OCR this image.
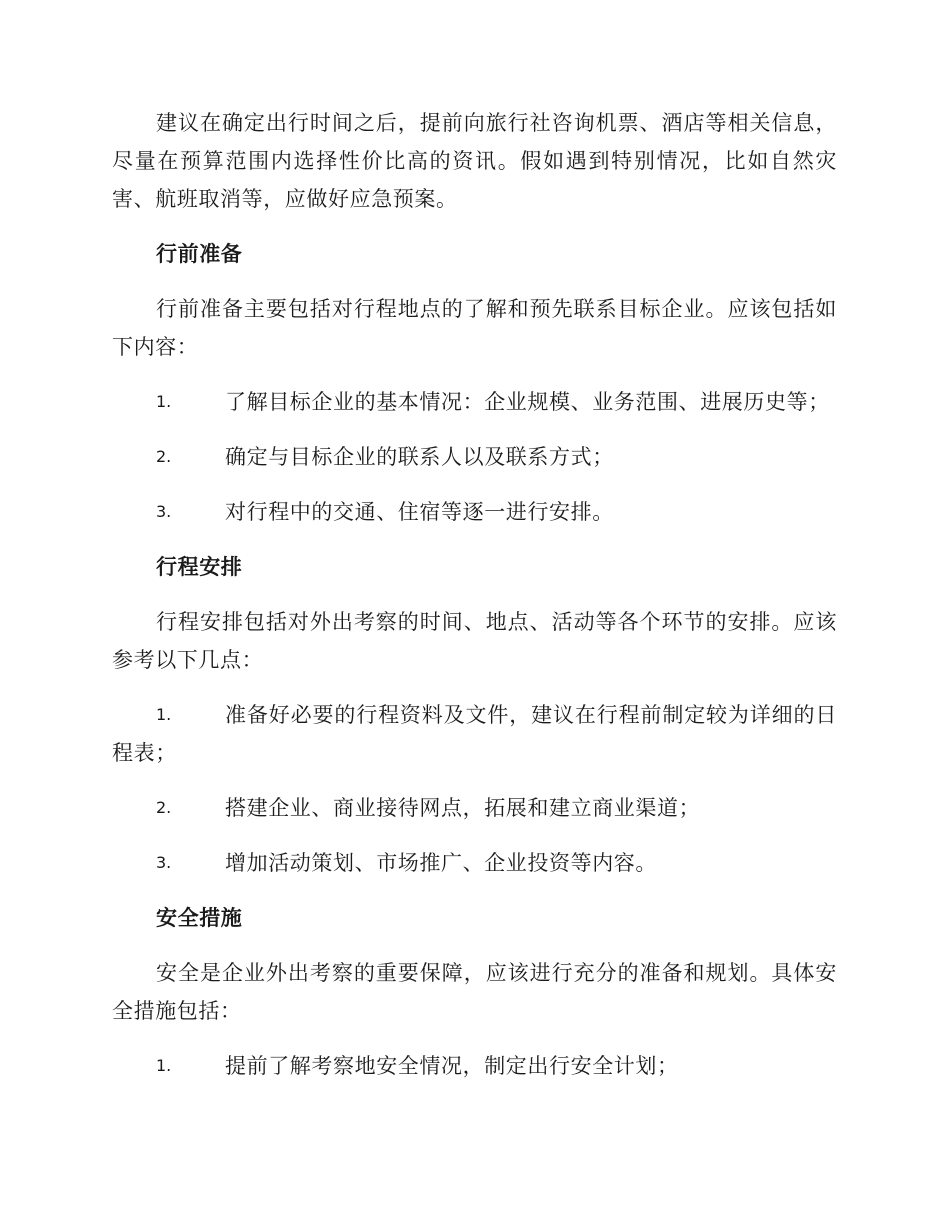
建议在确定出行时间之后，提前向旅行社咨询机票、酒店等相关信息，尽量在预算范围内选择性价比高的资讯。假如遇到特别情况，比如自然灾害、航班取消等，应做好应急预案。

行前准备

行前准备主要包括对行程地点的了解和预先联系目标企业。应该包括如下内容：

1.	了解目标企业的基本情况：企业规模、业务范围、进展历史等；

2.	确定与目标企业的联系人以及联系方式；

3.	对行程中的交通、住宿等逐一进行安排。

行程安排

行程安排包括对外出考察的时间、地点、活动等各个环节的安排。应该参考以下几点：

1.	准备好必要的行程资料及文件，建议在行程前制定较为详细的日程表；

2.	搭建企业、商业接待网点，拓展和建立商业渠道；

3.	增加活动策划、市场推广、企业投资等内容。

安全措施

安全是企业外出考察的重要保障，应该进行充分的准备和规划。具体安全措施包括：

1.	提前了解考察地安全情况，制定出行安全计划；
